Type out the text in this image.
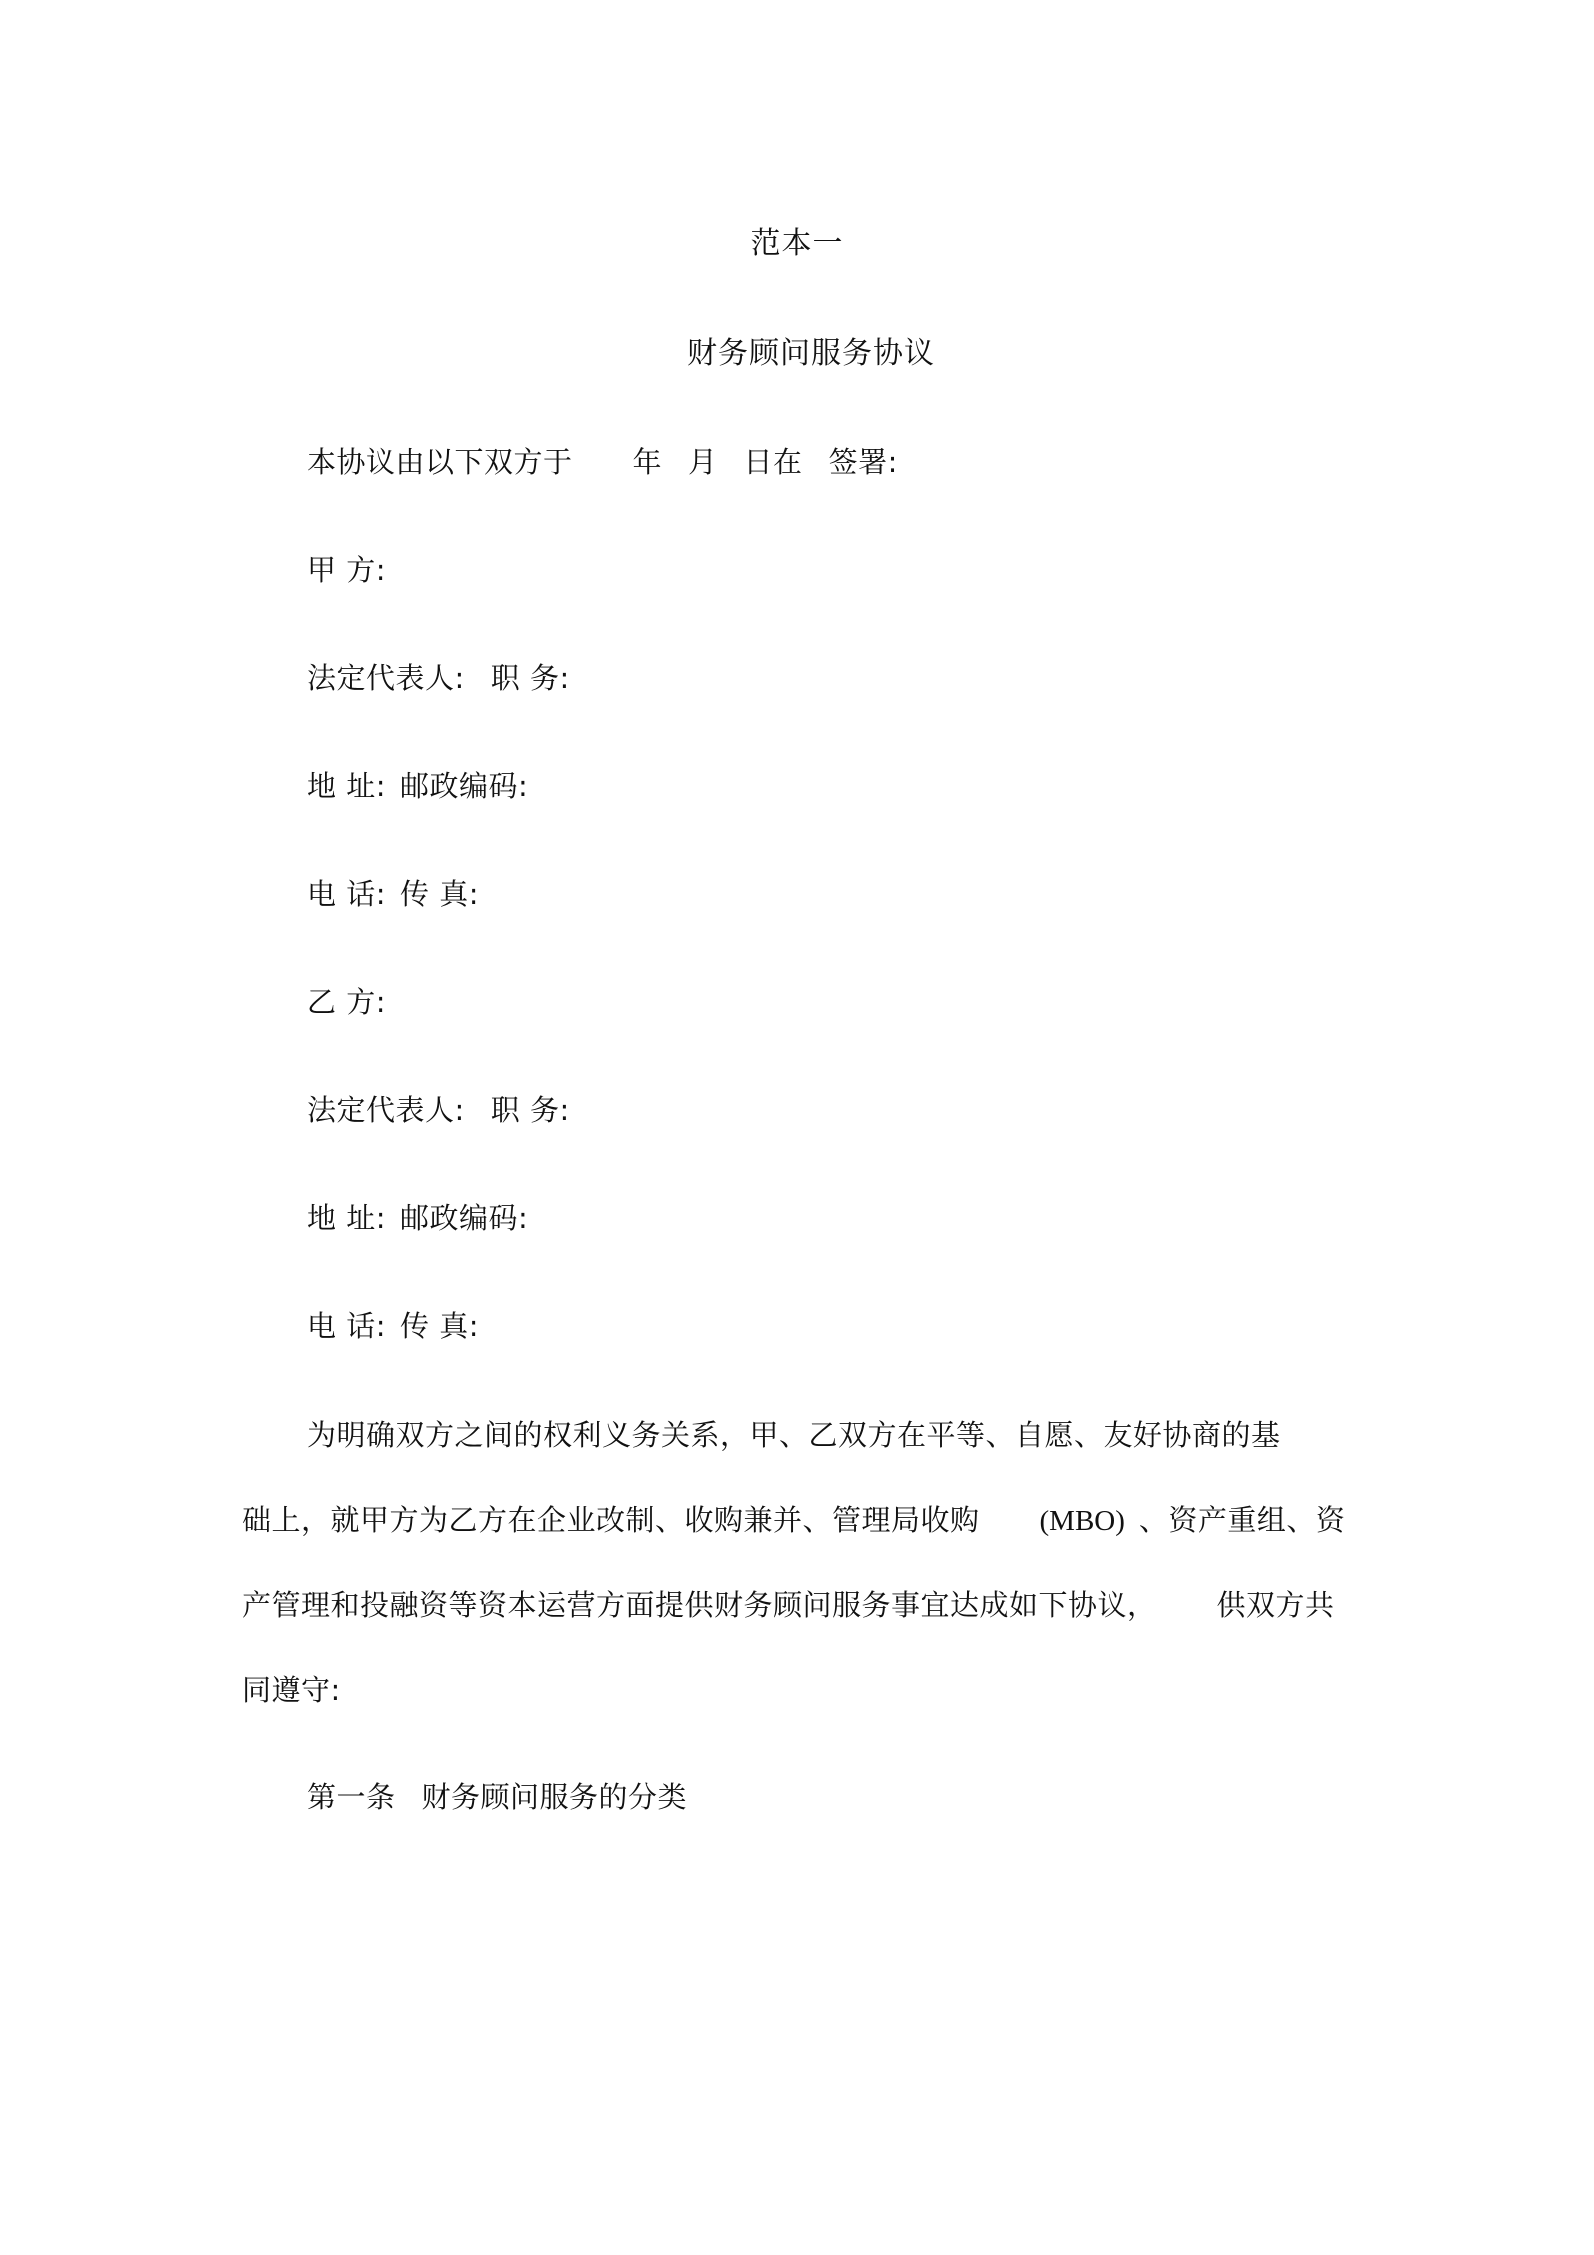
范本一
财务顾问服务协议
本协议由以下双方于 年 月 日在 签署:
甲 方:
法定代表人: 职 务:
地 址: 邮政编码:
电 话: 传 真:
乙 方:
法定代表人: 职 务:
地 址: 邮政编码:
电 话: 传 真:
为明确双方之间的权利义务关系，甲、乙双方在平等、自愿、友好协商的基
础上，就甲方为乙方在企业改制、收购兼并、管理局收购 (MBO) 、资产重组、资
产管理和投融资等资本运营方面提供财务顾问服务事宜达成如下协议， 供双方共
同遵守:
第一条 财务顾问服务的分类
